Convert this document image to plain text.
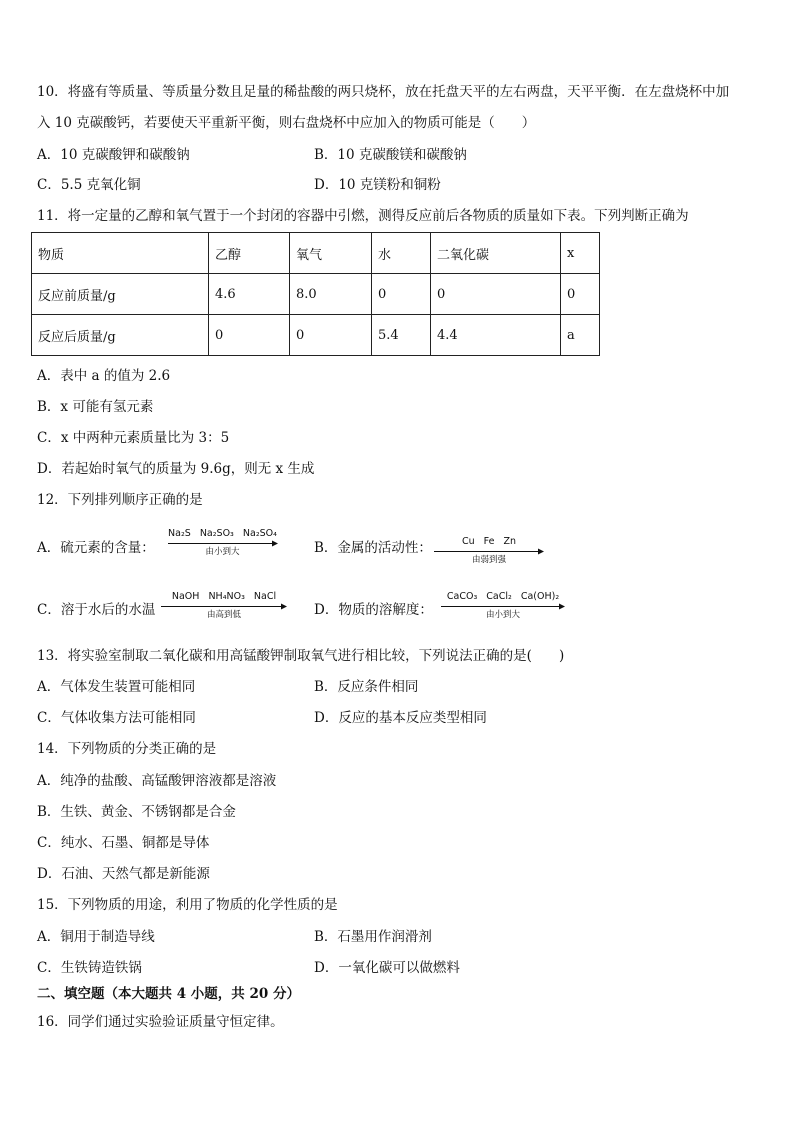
10．将盛有等质量、等质量分数且足量的稀盐酸的两只烧杯，放在托盘天平的左右两盘，天平平衡．在左盘烧杯中加
入 10 克碳酸钙，若要使天平重新平衡，则右盘烧杯中应加入的物质可能是（　　）
A．10 克碳酸钾和碳酸钠	B．10 克碳酸镁和碳酸钠
C．5.5 克氧化铜	D．10 克镁粉和铜粉
11．将一定量的乙醇和氧气置于一个封闭的容器中引燃，测得反应前后各物质的质量如下表。下列判断正确为
物质	乙醇	氧气	水	二氧化碳	x
反应前质量/g	4.6	8.0	0	0	0
反应后质量/g	0	0	5.4	4.4	a
A．表中 a 的值为 2.6
B．x 可能有氢元素
C．x 中两种元素质量比为 3：5
D．若起始时氧气的质量为 9.6g，则无 x 生成
12．下列排列顺序正确的是
A．硫元素的含量：
Na₂S Na₂SO₃ Na₂SO₄
由小到大	B．金属的活动性：	Cu Fe Zn
由弱到强
C．溶于水后的水温
NaOH NH₄NO₃ NaCl
由高到低	D．物质的溶解度：
CaCO₃ CaCl₂ Ca(OH)₂
由小到大
13．将实验室制取二氧化碳和用高锰酸钾制取氧气进行相比较，下列说法正确的是(　　)
A．气体发生装置可能相同	B．反应条件相同
C．气体收集方法可能相同	D．反应的基本反应类型相同
14．下列物质的分类正确的是
A．纯净的盐酸、高锰酸钾溶液都是溶液
B．生铁、黄金、不锈钢都是合金
C．纯水、石墨、铜都是导体
D．石油、天然气都是新能源
15．下列物质的用途，利用了物质的化学性质的是
A．铜用于制造导线	B．石墨用作润滑剂
C．生铁铸造铁锅	D．一氧化碳可以做燃料
二、填空题（本大题共 4 小题，共 20 分）
16．同学们通过实验验证质量守恒定律。
